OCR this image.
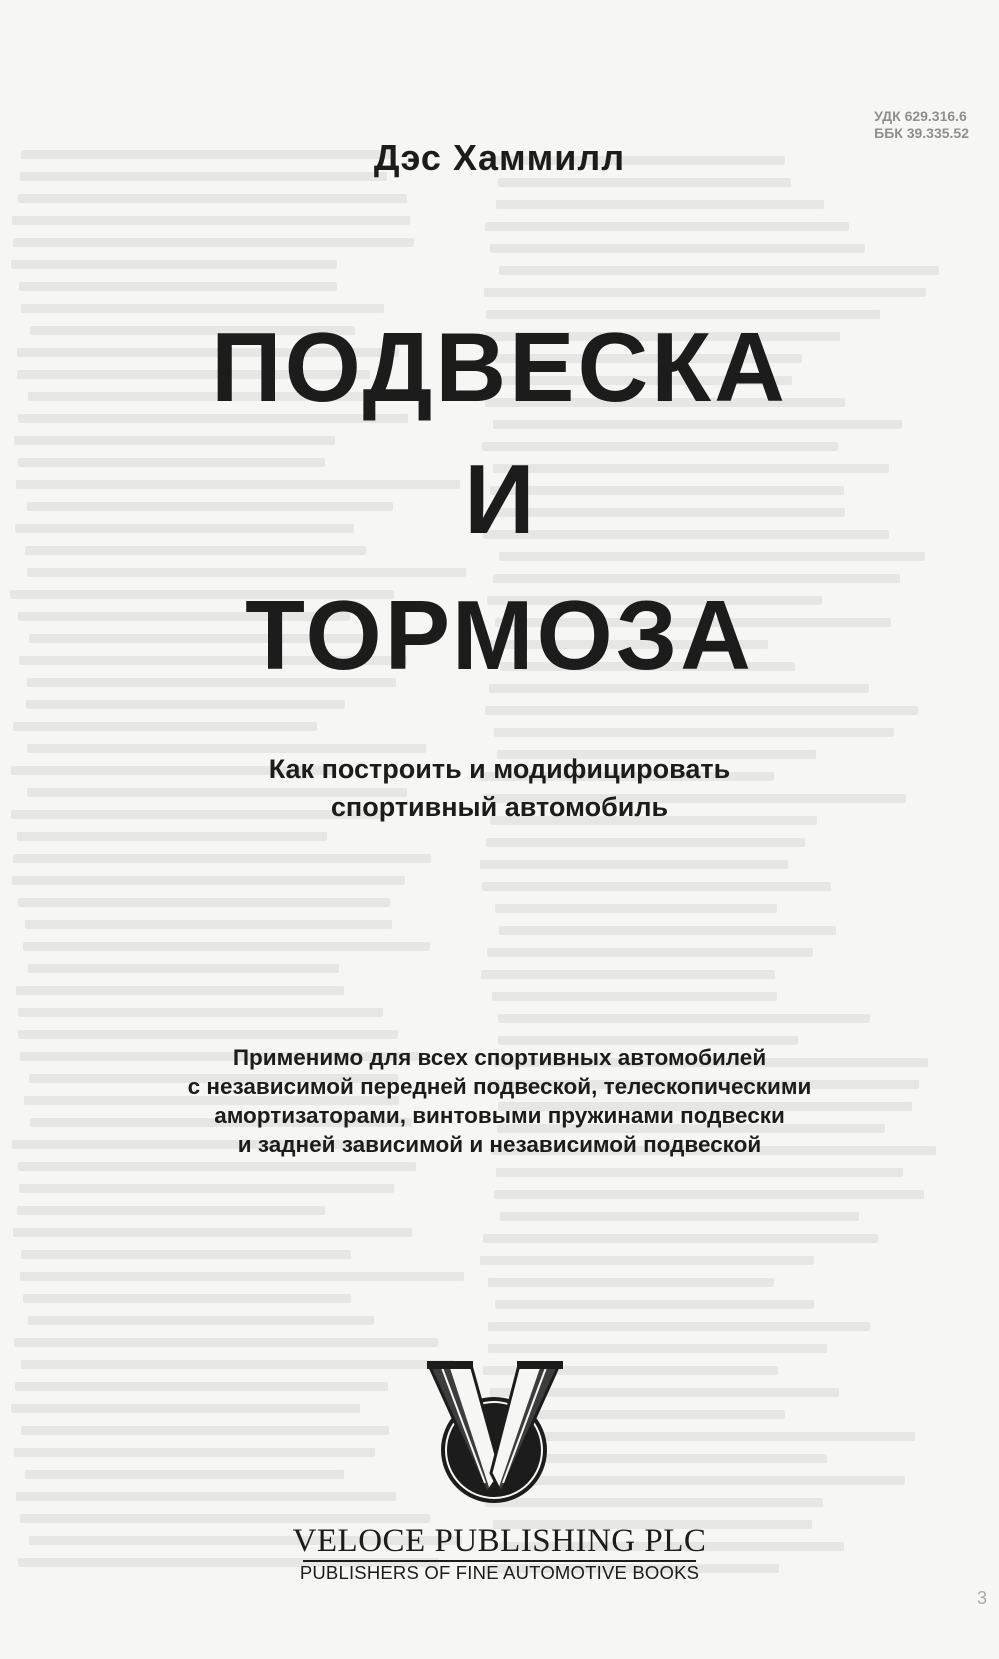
УДК 629.316.6
ББК 39.335.52
Дэс Хаммилл
ПОДВЕСКА
И
ТОРМОЗА
Как построить и модифицировать
спортивный автомобиль
Применимо для всех спортивных автомобилей
с независимой передней подвеской, телескопическими
амортизаторами, винтовыми пружинами подвески
и задней зависимой и независимой подвеской
VELOCE PUBLISHING PLC
PUBLISHERS OF FINE AUTOMOTIVE BOOKS
3
